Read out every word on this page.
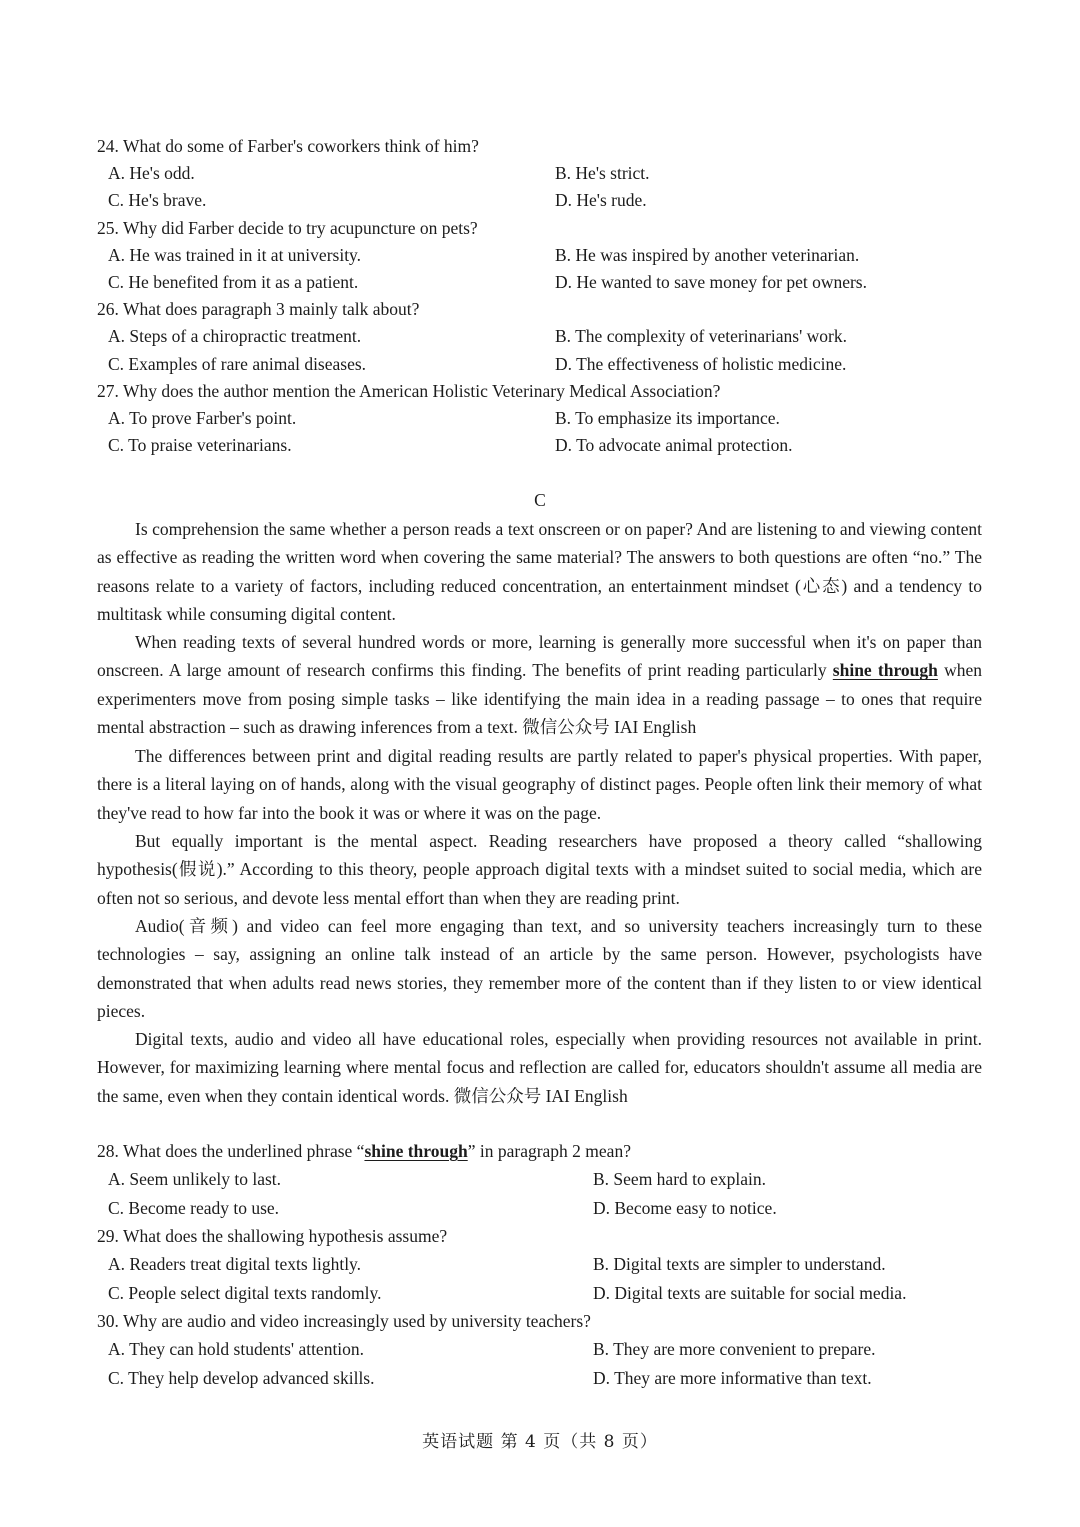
24. What do some of Farber's coworkers think of him?
A. He's odd.	B. He's strict.
C. He's brave.	D. He's rude.
25. Why did Farber decide to try acupuncture on pets?
A. He was trained in it at university.	B. He was inspired by another veterinarian.
C. He benefited from it as a patient.	D. He wanted to save money for pet owners.
26. What does paragraph 3 mainly talk about?
A. Steps of a chiropractic treatment.	B. The complexity of veterinarians' work.
C. Examples of rare animal diseases.	D. The effectiveness of holistic medicine.
27. Why does the author mention the American Holistic Veterinary Medical Association?
A. To prove Farber's point.	B. To emphasize its importance.
C. To praise veterinarians.	D. To advocate animal protection.
C

Is comprehension the same whether a person reads a text onscreen or on paper? And are listening to and viewing content as effective as reading the written word when covering the same material? The answers to both questions are often “no.” The reasons relate to a variety of factors, including reduced concentration, an entertainment mindset (心态) and a tendency to multitask while consuming digital content.

When reading texts of several hundred words or more, learning is generally more successful when it's on paper than onscreen. A large amount of research confirms this finding. The benefits of print reading particularly shine through when experimenters move from posing simple tasks – like identifying the main idea in a reading passage – to ones that require mental abstraction – such as drawing inferences from a text. 微信公众号 IAI English

The differences between print and digital reading results are partly related to paper's physical properties. With paper, there is a literal laying on of hands, along with the visual geography of distinct pages. People often link their memory of what they've read to how far into the book it was or where it was on the page.

But equally important is the mental aspect. Reading researchers have proposed a theory called “shallowing hypothesis(假说).” According to this theory, people approach digital texts with a mindset suited to social media, which are often not so serious, and devote less mental effort than when they are reading print.

Audio(音频) and video can feel more engaging than text, and so university teachers increasingly turn to these technologies – say, assigning an online talk instead of an article by the same person. However, psychologists have demonstrated that when adults read news stories, they remember more of the content than if they listen to or view identical pieces.

Digital texts, audio and video all have educational roles, especially when providing resources not available in print. However, for maximizing learning where mental focus and reflection are called for, educators shouldn't assume all media are the same, even when they contain identical words. 微信公众号 IAI English

28. What does the underlined phrase “shine through” in paragraph 2 mean?
A. Seem unlikely to last.	B. Seem hard to explain.
C. Become ready to use.	D. Become easy to notice.
29. What does the shallowing hypothesis assume?
A. Readers treat digital texts lightly.	B. Digital texts are simpler to understand.
C. People select digital texts randomly.	D. Digital texts are suitable for social media.
30. Why are audio and video increasingly used by university teachers?
A. They can hold students' attention.	B. They are more convenient to prepare.
C. They help develop advanced skills.	D. They are more informative than text.
英语试题 第 4 页（共 8 页）
